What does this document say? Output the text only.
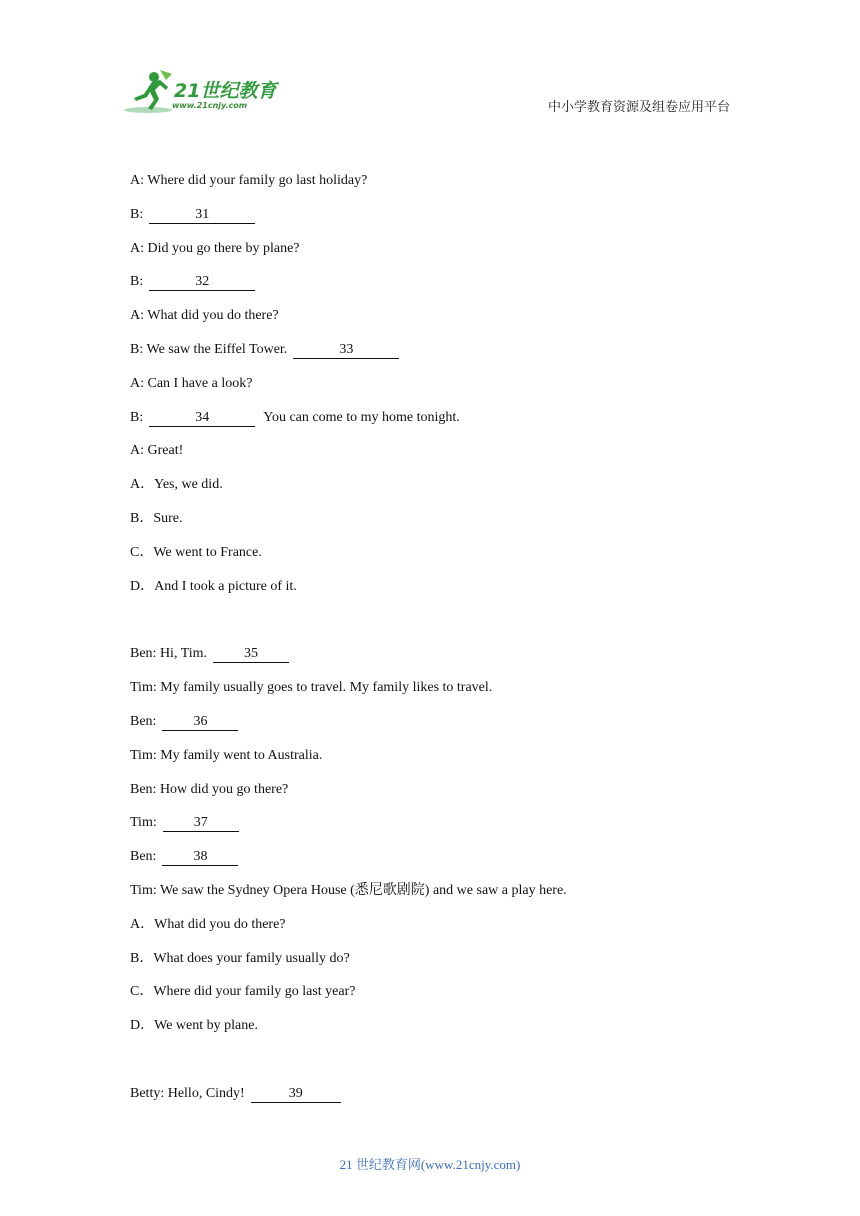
21世纪教育
www.21cnjy.com	中小学教育资源及组卷应用平台
A: Where did your family go last holiday?
B:	31
A: Did you go there by plane?
B:	32
A: What did you do there?
B: We saw the Eiffel Tower.	33
A: Can I have a look?
B:	34	You can come to my home tonight.
A: Great!
A．Yes, we did.
B．Sure.
C．We went to France.
D．And I took a picture of it.
Ben: Hi, Tim.	35
Tim: My family usually goes to travel. My family likes to travel.
Ben:	36
Tim: My family went to Australia.
Ben: How did you go there?
Tim:	37
Ben:	38
Tim: We saw the Sydney Opera House (悉尼歌剧院) and we saw a play here.
A．What did you do there?
B．What does your family usually do?
C．Where did your family go last year?
D．We went by plane.
Betty: Hello, Cindy!	39
21 世纪教育网(www.21cnjy.com)
